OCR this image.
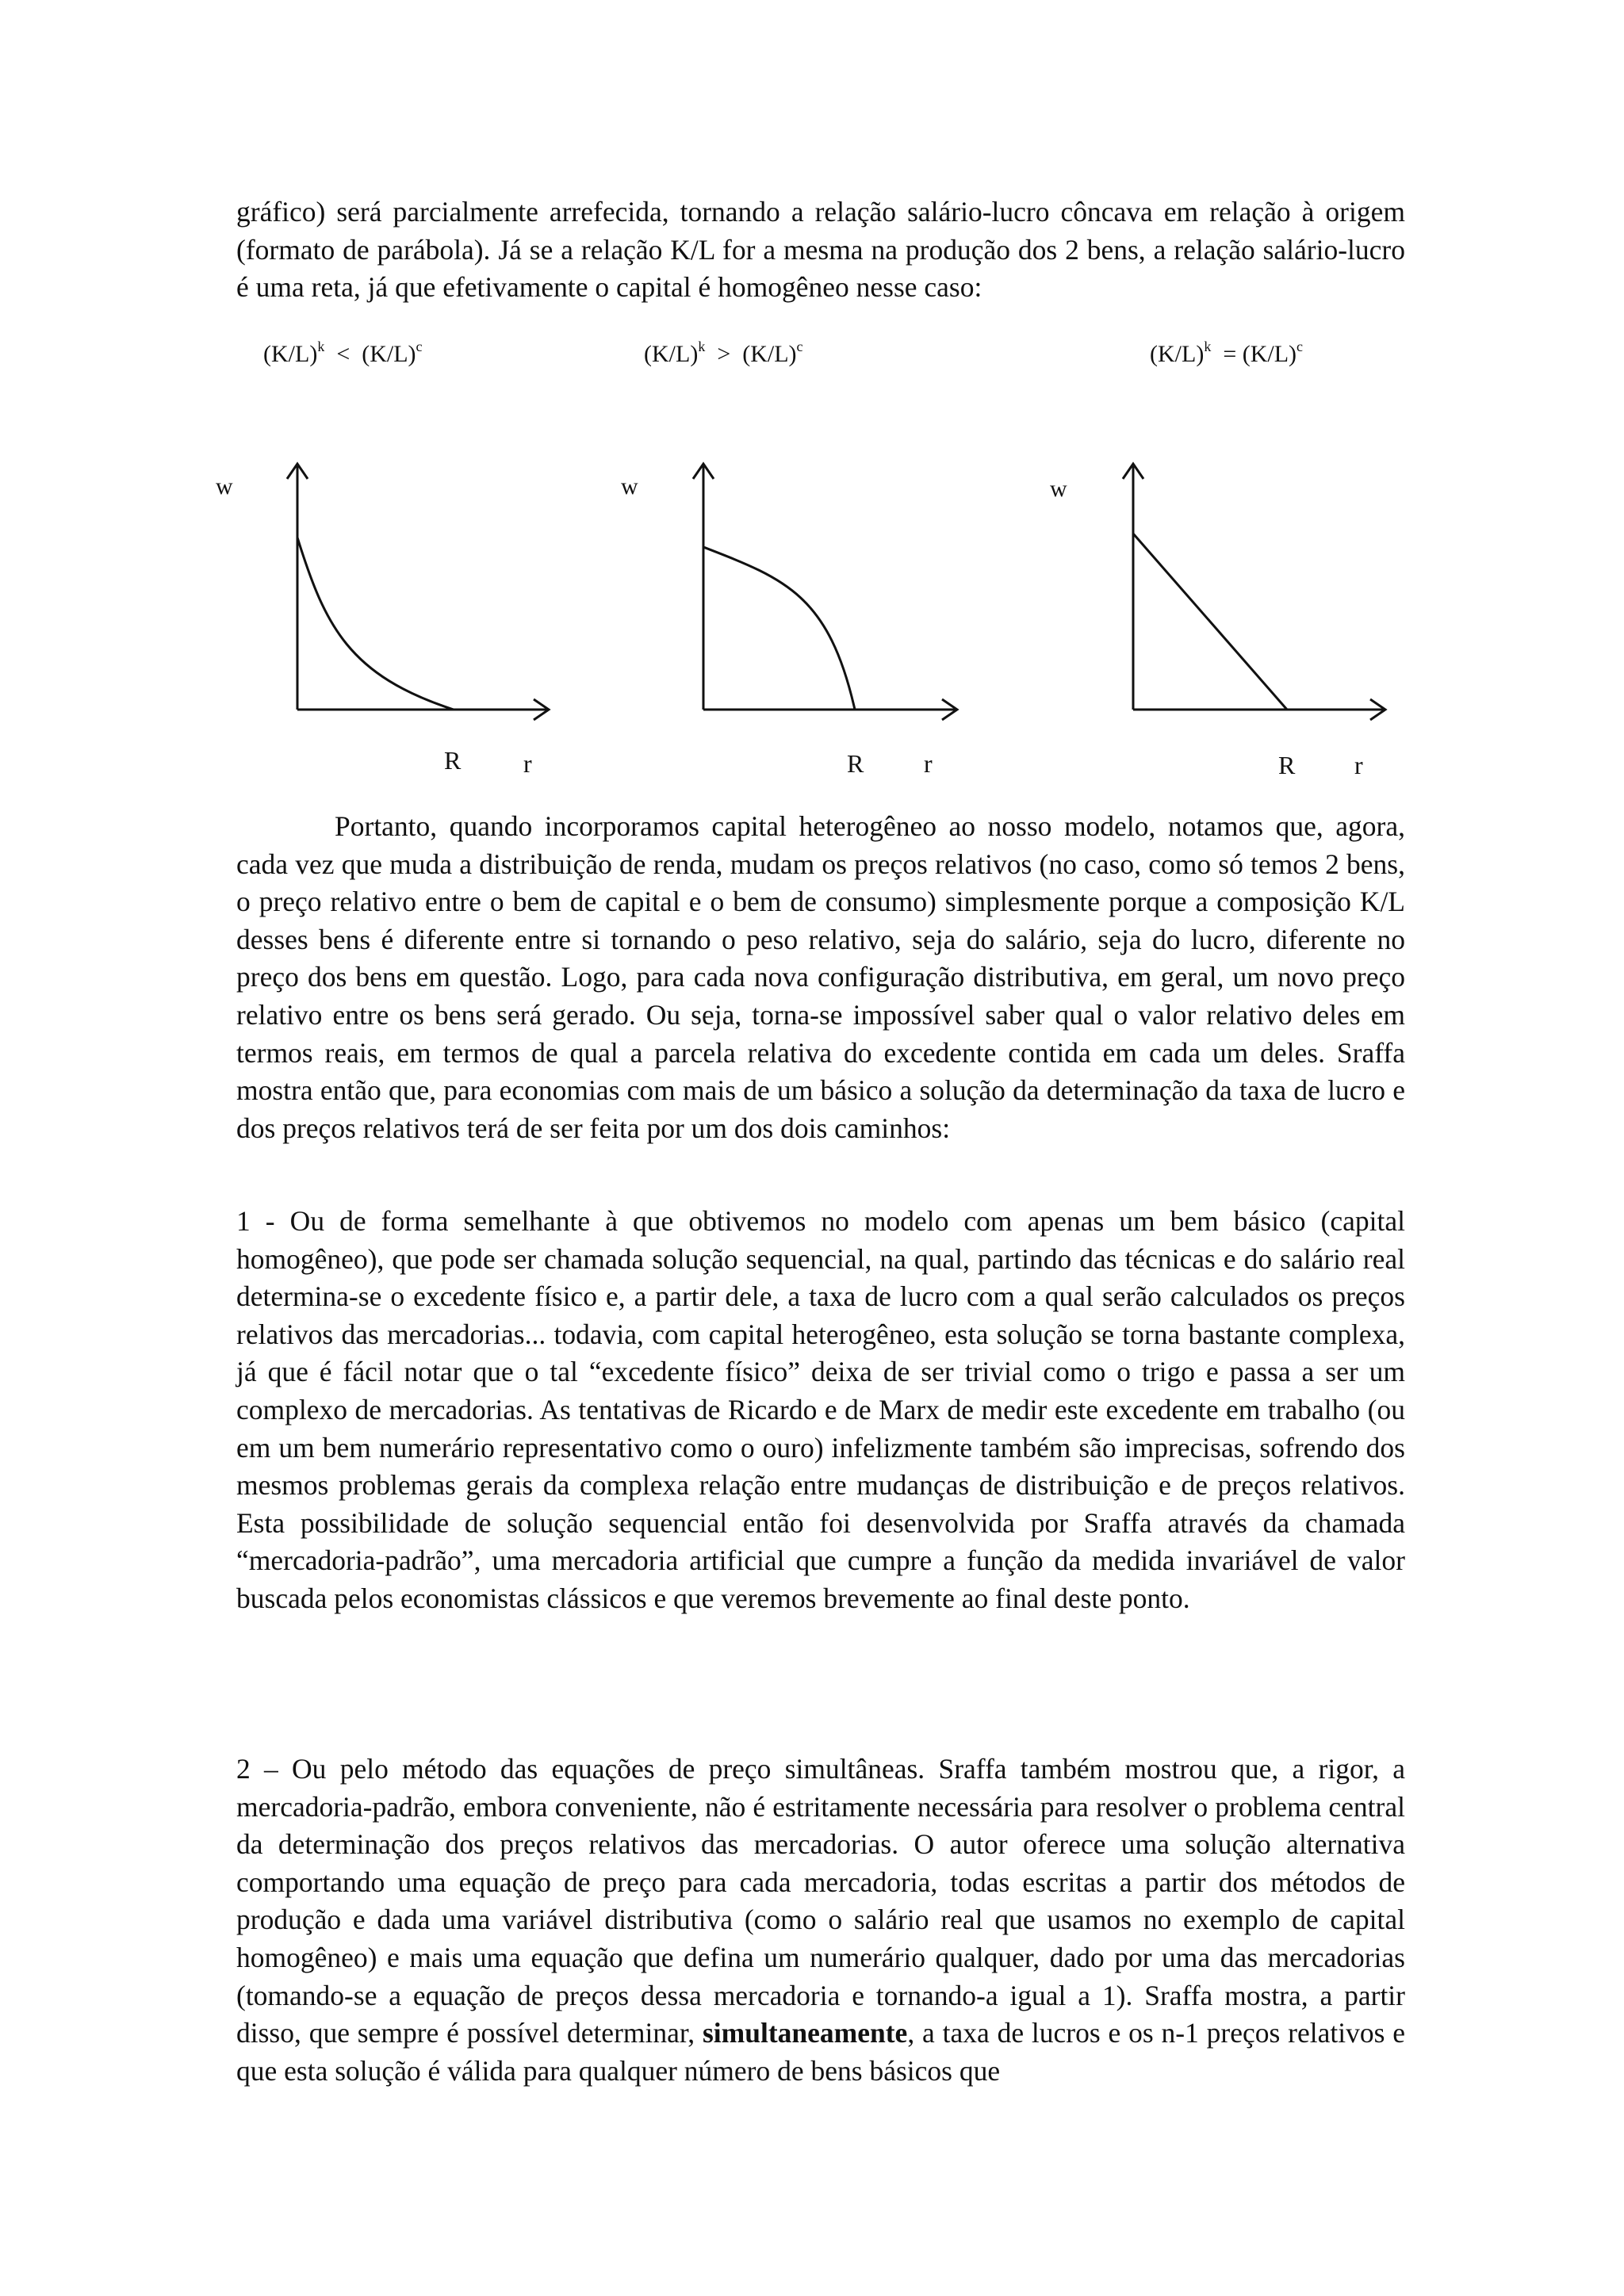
gráfico) será parcialmente arrefecida, tornando a relação salário-lucro côncava em relação à origem (formato de parábola). Já se a relação K/L for a mesma na produção dos 2 bens, a relação salário-lucro é uma reta, já que efetivamente o capital é homogêneo nesse caso:

$(K/L)^k < (K/L)^c$	$(K/L)^k > (K/L)^c$	$(K/L)^k = (K/L)^c$
w
R r
w
R r
w
R r

Portanto, quando incorporamos capital heterogêneo ao nosso modelo, notamos que, agora, cada vez que muda a distribuição de renda, mudam os preços relativos (no caso, como só temos 2 bens, o preço relativo entre o bem de capital e o bem de consumo) simplesmente porque a composição K/L desses bens é diferente entre si tornando o peso relativo, seja do salário, seja do lucro, diferente no preço dos bens em questão. Logo, para cada nova configuração distributiva, em geral, um novo preço relativo entre os bens será gerado. Ou seja, torna-se impossível saber qual o valor relativo deles em termos reais, em termos de qual a parcela relativa do excedente contida em cada um deles. Sraffa mostra então que, para economias com mais de um básico a solução da determinação da taxa de lucro e dos preços relativos terá de ser feita por um dos dois caminhos:

1 - Ou de forma semelhante à que obtivemos no modelo com apenas um bem básico (capital homogêneo), que pode ser chamada solução sequencial, na qual, partindo das técnicas e do salário real determina-se o excedente físico e, a partir dele, a taxa de lucro com a qual serão calculados os preços relativos das mercadorias... todavia, com capital heterogêneo, esta solução se torna bastante complexa, já que é fácil notar que o tal “excedente físico” deixa de ser trivial como o trigo e passa a ser um complexo de mercadorias. As tentativas de Ricardo e de Marx de medir este excedente em trabalho (ou em um bem numerário representativo como o ouro) infelizmente também são imprecisas, sofrendo dos mesmos problemas gerais da complexa relação entre mudanças de distribuição e de preços relativos. Esta possibilidade de solução sequencial então foi desenvolvida por Sraffa através da chamada “mercadoria-padrão”, uma mercadoria artificial que cumpre a função da medida invariável de valor buscada pelos economistas clássicos e que veremos brevemente ao final deste ponto.

2 – Ou pelo método das equações de preço simultâneas. Sraffa também mostrou que, a rigor, a mercadoria-padrão, embora conveniente, não é estritamente necessária para resolver o problema central da determinação dos preços relativos das mercadorias. O autor oferece uma solução alternativa comportando uma equação de preço para cada mercadoria, todas escritas a partir dos métodos de produção e dada uma variável distributiva (como o salário real que usamos no exemplo de capital homogêneo) e mais uma equação que defina um numerário qualquer, dado por uma das mercadorias (tomando-se a equação de preços dessa mercadoria e tornando-a igual a 1). Sraffa mostra, a partir disso, que sempre é possível determinar, simultaneamente, a taxa de lucros e os n-1 preços relativos e que esta solução é válida para qualquer número de bens básicos que
